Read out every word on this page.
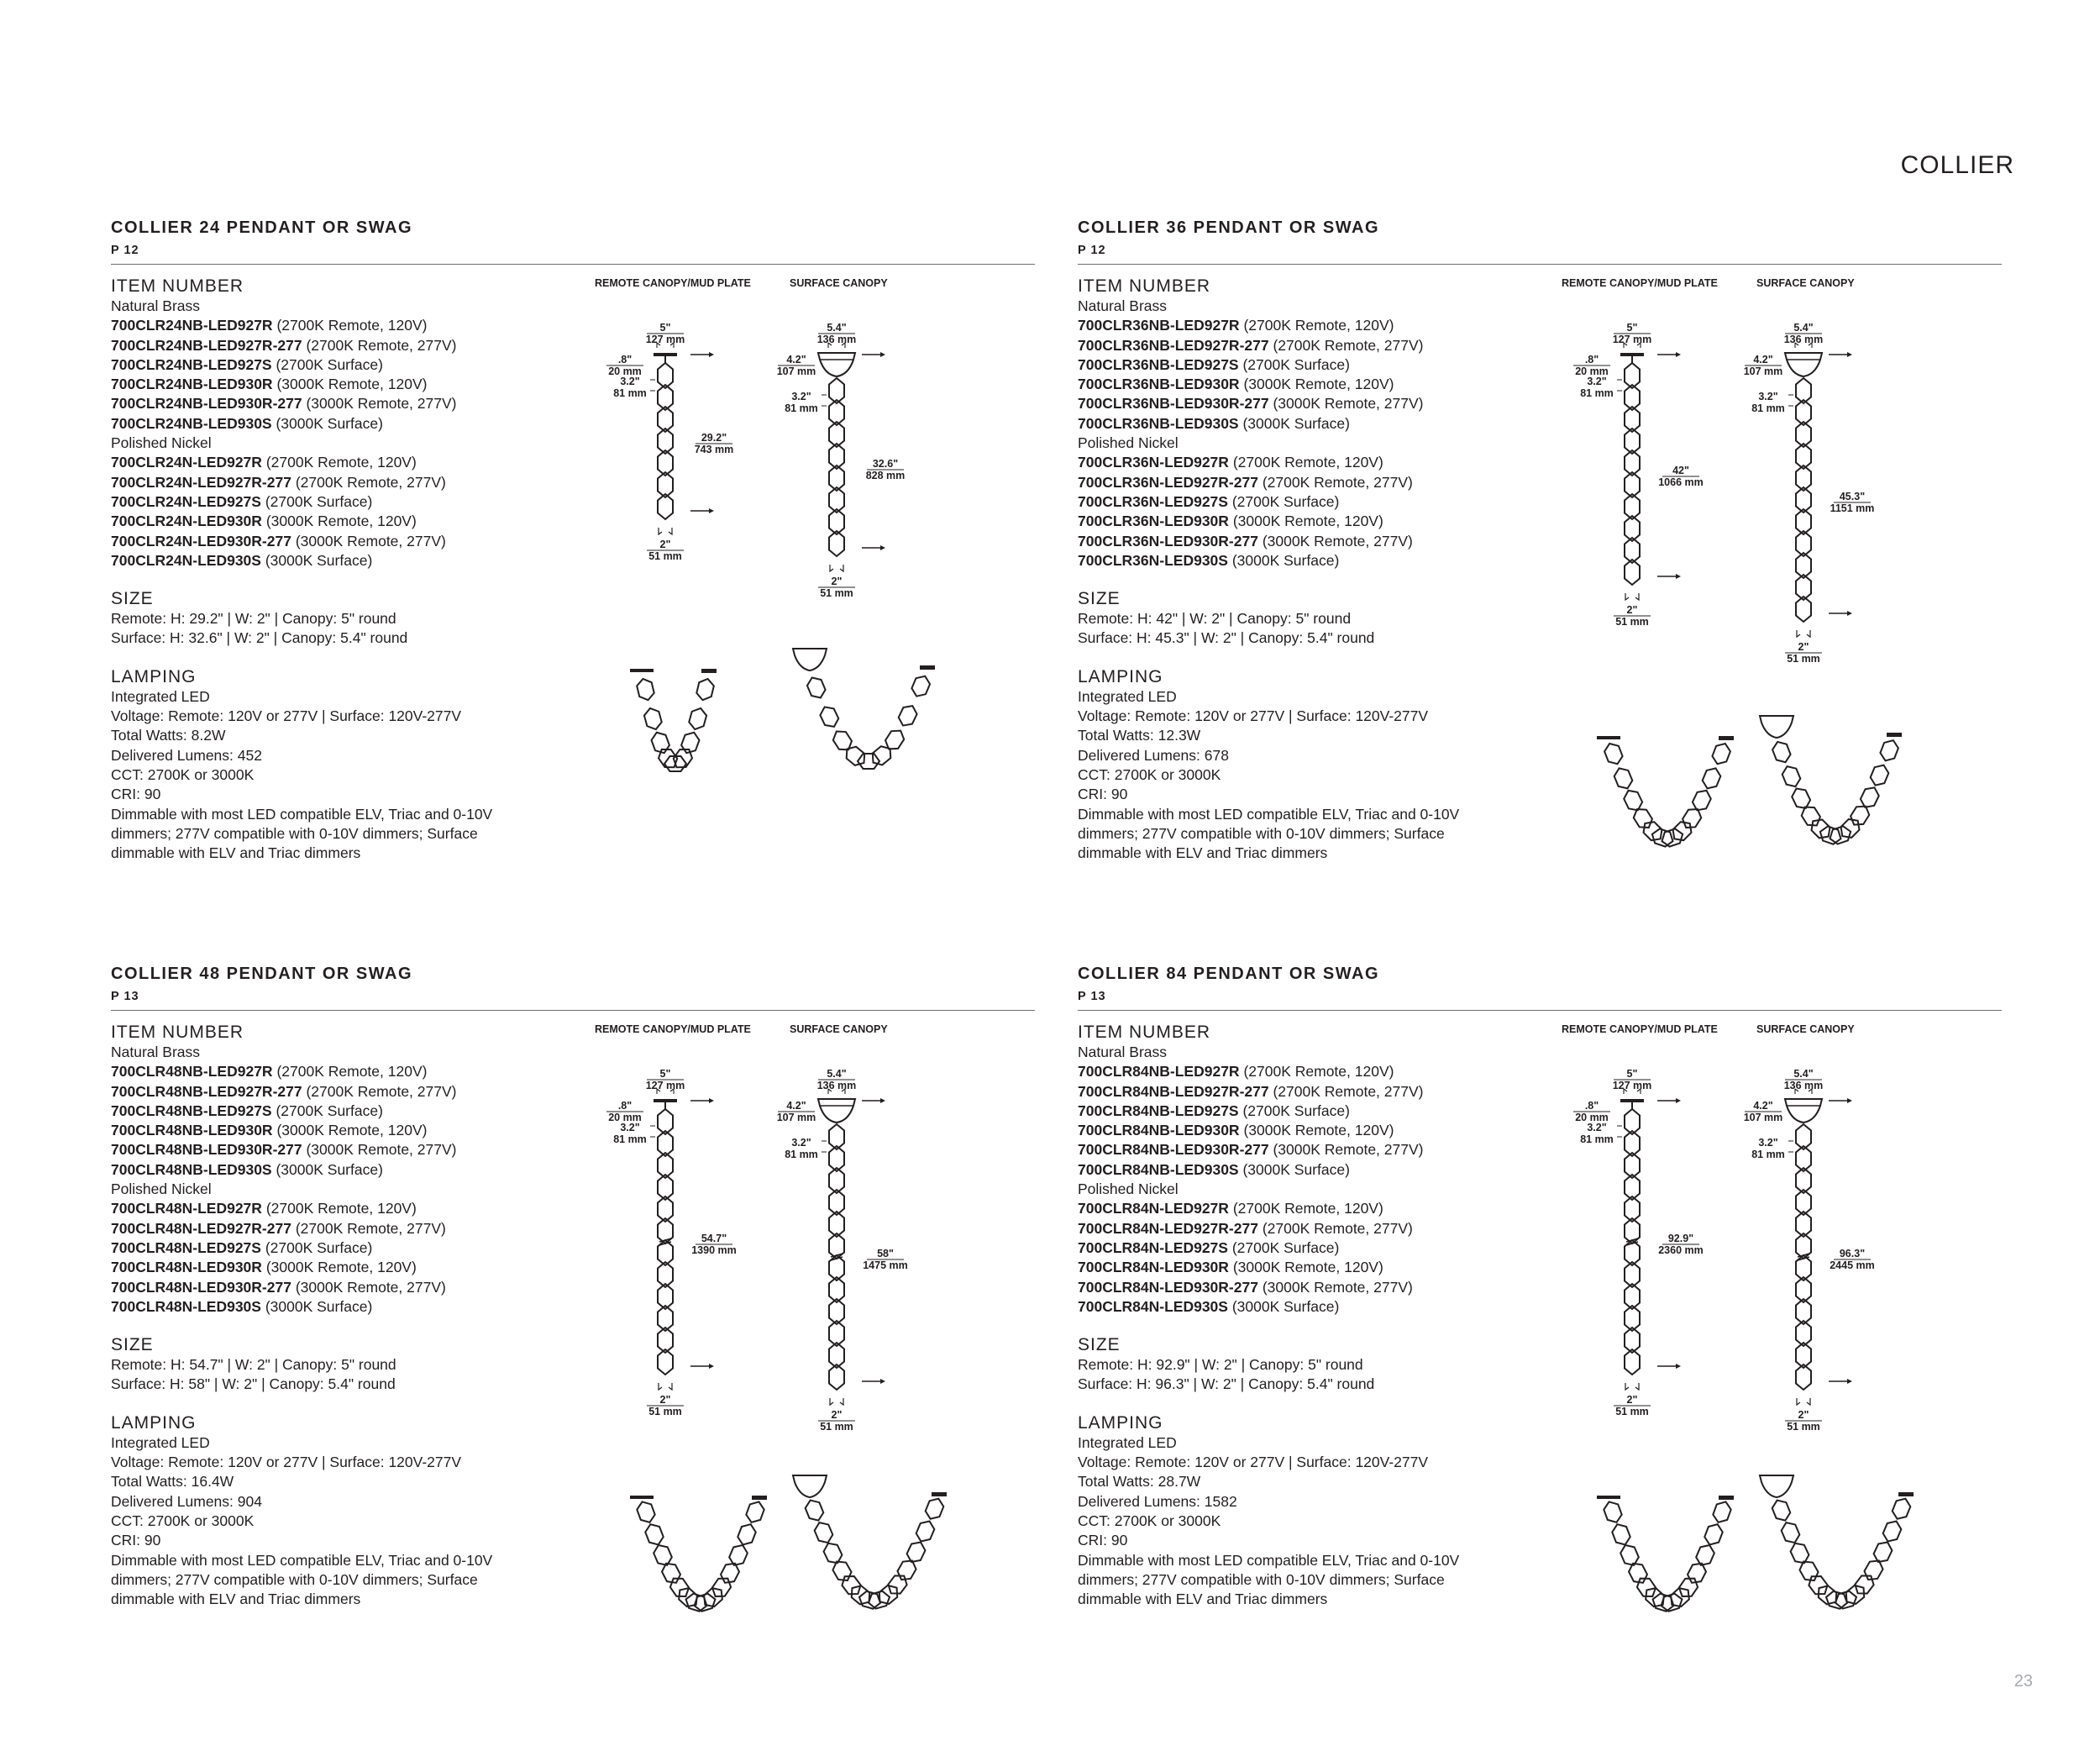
COLLIER
23
COLLIER 24 PENDANT OR SWAG
P 12
ITEM NUMBER
Natural Brass
700CLR24NB-LED927R (2700K Remote, 120V)
700CLR24NB-LED927R-277 (2700K Remote, 277V)
700CLR24NB-LED927S (2700K Surface)
700CLR24NB-LED930R (3000K Remote, 120V)
700CLR24NB-LED930R-277 (3000K Remote, 277V)
700CLR24NB-LED930S (3000K Surface)
Polished Nickel
700CLR24N-LED927R (2700K Remote, 120V)
700CLR24N-LED927R-277 (2700K Remote, 277V)
700CLR24N-LED927S (2700K Surface)
700CLR24N-LED930R (3000K Remote, 120V)
700CLR24N-LED930R-277 (3000K Remote, 277V)
700CLR24N-LED930S (3000K Surface)
SIZE
Remote: H: 29.2" | W: 2" | Canopy: 5" round
Surface: H: 32.6" | W: 2" | Canopy: 5.4" round
LAMPING
Integrated LED
Voltage: Remote: 120V or 277V | Surface: 120V-277V
Total Watts: 8.2W
Delivered Lumens: 452
CCT: 2700K or 3000K
CRI: 90
Dimmable with most LED compatible ELV, Triac and 0-10V
dimmers; 277V compatible with 0-10V dimmers; Surface
dimmable with ELV and Triac dimmers
REMOTE CANOPY/MUD PLATE	SURFACE CANOPY
2"
51 mm
29.2"
743 mm
5"
127 mm
.8"
20 mm
3.2"
81 mm
2"
51 mm
32.6"
828 mm
5.4"
136 mm
4.2"
107 mm
3.2"
81 mm
COLLIER 36 PENDANT OR SWAG
P 12
ITEM NUMBER
Natural Brass
700CLR36NB-LED927R (2700K Remote, 120V)
700CLR36NB-LED927R-277 (2700K Remote, 277V)
700CLR36NB-LED927S (2700K Surface)
700CLR36NB-LED930R (3000K Remote, 120V)
700CLR36NB-LED930R-277 (3000K Remote, 277V)
700CLR36NB-LED930S (3000K Surface)
Polished Nickel
700CLR36N-LED927R (2700K Remote, 120V)
700CLR36N-LED927R-277 (2700K Remote, 277V)
700CLR36N-LED927S (2700K Surface)
700CLR36N-LED930R (3000K Remote, 120V)
700CLR36N-LED930R-277 (3000K Remote, 277V)
700CLR36N-LED930S (3000K Surface)
SIZE
Remote: H: 42" | W: 2" | Canopy: 5" round
Surface: H: 45.3" | W: 2" | Canopy: 5.4" round
LAMPING
Integrated LED
Voltage: Remote: 120V or 277V | Surface: 120V-277V
Total Watts: 12.3W
Delivered Lumens: 678
CCT: 2700K or 3000K
CRI: 90
Dimmable with most LED compatible ELV, Triac and 0-10V
dimmers; 277V compatible with 0-10V dimmers; Surface
dimmable with ELV and Triac dimmers
REMOTE CANOPY/MUD PLATE	SURFACE CANOPY
2"
51 mm
42"
1066 mm
5"
127 mm
.8"
20 mm
3.2"
81 mm
2"
51 mm
45.3"
1151 mm
5.4"
136 mm
4.2"
107 mm
3.2"
81 mm
COLLIER 48 PENDANT OR SWAG
P 13
ITEM NUMBER
Natural Brass
700CLR48NB-LED927R (2700K Remote, 120V)
700CLR48NB-LED927R-277 (2700K Remote, 277V)
700CLR48NB-LED927S (2700K Surface)
700CLR48NB-LED930R (3000K Remote, 120V)
700CLR48NB-LED930R-277 (3000K Remote, 277V)
700CLR48NB-LED930S (3000K Surface)
Polished Nickel
700CLR48N-LED927R (2700K Remote, 120V)
700CLR48N-LED927R-277 (2700K Remote, 277V)
700CLR48N-LED927S (2700K Surface)
700CLR48N-LED930R (3000K Remote, 120V)
700CLR48N-LED930R-277 (3000K Remote, 277V)
700CLR48N-LED930S (3000K Surface)
SIZE
Remote: H: 54.7" | W: 2" | Canopy: 5" round
Surface: H: 58" | W: 2" | Canopy: 5.4" round
LAMPING
Integrated LED
Voltage: Remote: 120V or 277V | Surface: 120V-277V
Total Watts: 16.4W
Delivered Lumens: 904
CCT: 2700K or 3000K
CRI: 90
Dimmable with most LED compatible ELV, Triac and 0-10V
dimmers; 277V compatible with 0-10V dimmers; Surface
dimmable with ELV and Triac dimmers
REMOTE CANOPY/MUD PLATE	SURFACE CANOPY
2"
51 mm
54.7"
1390 mm
5"
127 mm
.8"
20 mm
3.2"
81 mm
2"
51 mm
58"
1475 mm
5.4"
136 mm
4.2"
107 mm
3.2"
81 mm
COLLIER 84 PENDANT OR SWAG
P 13
ITEM NUMBER
Natural Brass
700CLR84NB-LED927R (2700K Remote, 120V)
700CLR84NB-LED927R-277 (2700K Remote, 277V)
700CLR84NB-LED927S (2700K Surface)
700CLR84NB-LED930R (3000K Remote, 120V)
700CLR84NB-LED930R-277 (3000K Remote, 277V)
700CLR84NB-LED930S (3000K Surface)
Polished Nickel
700CLR84N-LED927R (2700K Remote, 120V)
700CLR84N-LED927R-277 (2700K Remote, 277V)
700CLR84N-LED927S (2700K Surface)
700CLR84N-LED930R (3000K Remote, 120V)
700CLR84N-LED930R-277 (3000K Remote, 277V)
700CLR84N-LED930S (3000K Surface)
SIZE
Remote: H: 92.9" | W: 2" | Canopy: 5" round
Surface: H: 96.3" | W: 2" | Canopy: 5.4" round
LAMPING
Integrated LED
Voltage: Remote: 120V or 277V | Surface: 120V-277V
Total Watts: 28.7W
Delivered Lumens: 1582
CCT: 2700K or 3000K
CRI: 90
Dimmable with most LED compatible ELV, Triac and 0-10V
dimmers; 277V compatible with 0-10V dimmers; Surface
dimmable with ELV and Triac dimmers
REMOTE CANOPY/MUD PLATE	SURFACE CANOPY
2"
51 mm
92.9"
2360 mm
5"
127 mm
.8"
20 mm
3.2"
81 mm
2"
51 mm
96.3"
2445 mm
5.4"
136 mm
4.2"
107 mm
3.2"
81 mm
